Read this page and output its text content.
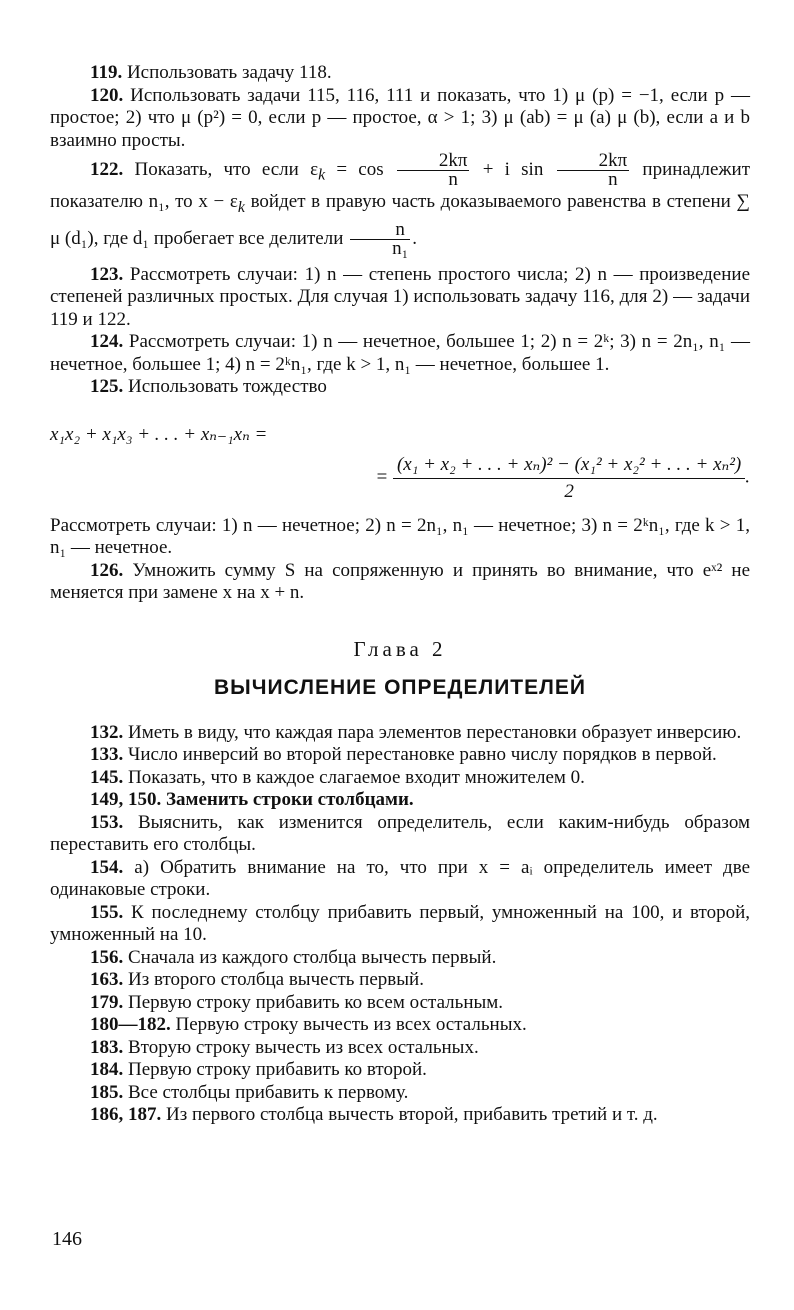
119. Использовать задачу 118.

120. Использовать задачи 115, 116, 111 и показать, что 1) μ (p) = −1, если p — простое; 2) что μ (p²) = 0, если p — простое, α > 1; 3) μ (ab) = μ (a) μ (b), если a и b взаимно просты.

122. Показать, что если $\varepsilon_k = \cos \frac{2k\pi}{n} + i$ $\sin \frac{2k\pi}{n}$ принадлежит показателю n₁, то $x - \varepsilon_k$ войдет в правую часть доказываемого равенства в степени ∑ μ (d₁), где d₁ пробегает все делители $\frac{n}{\text{n₁}}$ .

123. Рассмотреть случаи: 1) n — степень простого числа; 2) n — произведение степеней различных простых. Для случая 1) использовать задачу 116, для 2) — задачи 119 и 122.

124. Рассмотреть случаи: 1) n — нечетное, большее 1; 2) n = 2ᵏ; 3) n = 2n₁, n₁ — нечетное, большее 1; 4) n = 2ᵏn₁, где k > 1, n₁ — нечетное, большее 1.

125. Использовать тождество

x₁x₂ + x₁x₃ + . . . + xₙ₋₁xₙ =
= $\frac{\text{(x₁ + x₂ + . . . + xₙ)² − (x₁² + x₂² + . . . + xₙ²)}}{2}$ .

Рассмотреть случаи: 1) n — нечетное; 2) n = 2n₁, n₁ — нечетное; 3) n = 2ᵏn₁, где k > 1, n₁ — нечетное.

126. Умножить сумму S на сопряженную и принять во внимание, что eˣ² не меняется при замене x на x + n.

Глава 2
ВЫЧИСЛЕНИЕ ОПРЕДЕЛИТЕЛЕЙ

132. Иметь в виду, что каждая пара элементов перестановки образует инверсию.

133. Число инверсий во второй перестановке равно числу порядков в первой.

145. Показать, что в каждое слагаемое входит множителем 0.

149, 150. Заменить строки столбцами.

153. Выяснить, как изменится определитель, если каким-нибудь образом переставить его столбцы.

154. а) Обратить внимание на то, что при x = aᵢ определитель имеет две одинаковые строки.

155. К последнему столбцу прибавить первый, умноженный на 100, и второй, умноженный на 10.

156. Сначала из каждого столбца вычесть первый.

163. Из второго столбца вычесть первый.

179. Первую строку прибавить ко всем остальным.

180—182. Первую строку вычесть из всех остальных.

183. Вторую строку вычесть из всех остальных.

184. Первую строку прибавить ко второй.

185. Все столбцы прибавить к первому.

186, 187. Из первого столбца вычесть второй, прибавить третий и т. д.

146
